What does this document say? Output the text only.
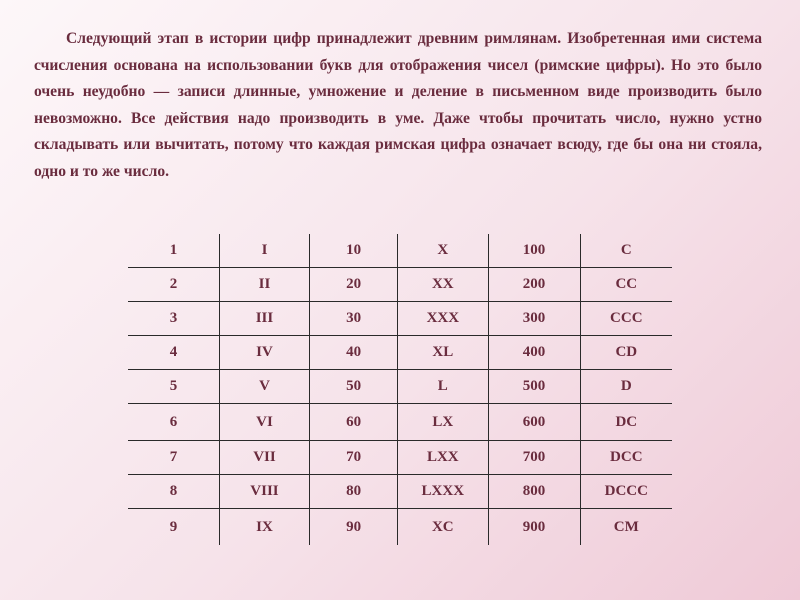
Следующий этап в истории цифр принадлежит древним римлянам. Изобретенная ими система счисления основана на использовании букв для отображения чисел (римские цифры). Но это было очень неудобно — записи длинные, умножение и деление в письменном виде производить было невозможно. Все действия надо производить в уме. Даже чтобы прочитать число, нужно устно складывать или вычитать, потому что каждая римская цифра означает всюду, где бы она ни стояла, одно и то же число.

1	I	10	X	100	C
2	II	20	XX	200	CC
3	III	30	XXX	300	CCC
4	IV	40	XL	400	CD
5	V	50	L	500	D
6	VI	60	LX	600	DC
7	VII	70	LXX	700	DCC
8	VIII	80	LXXX	800	DCCC
9	IX	90	XC	900	CM
